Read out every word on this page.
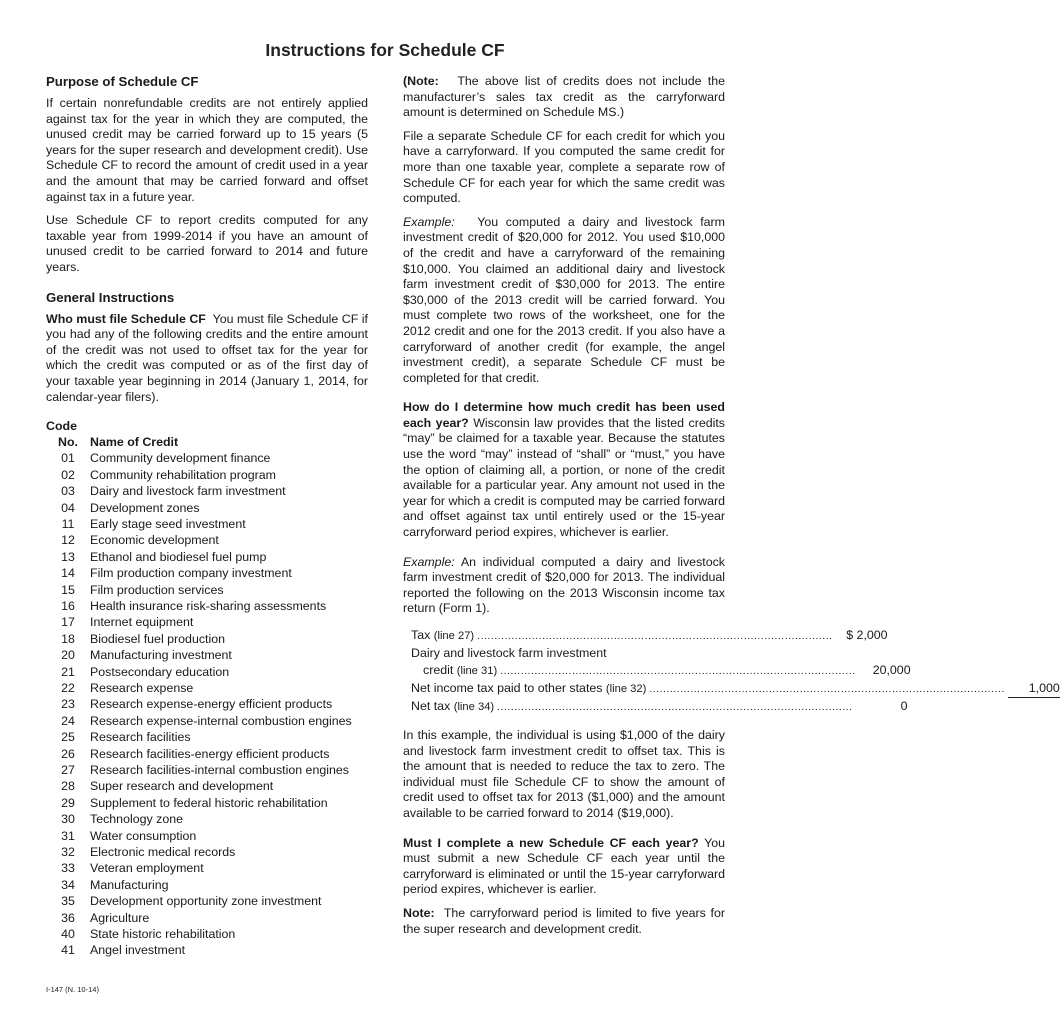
Instructions for Schedule CF
Purpose of Schedule CF

If certain nonrefundable credits are not entirely applied against tax for the year in which they are computed, the unused credit may be carried forward up to 15 years (5 years for the super research and development credit). Use Schedule CF to record the amount of credit used in a year and the amount that may be carried forward and offset against tax in a future year.

Use Schedule CF to report credits computed for any taxable year from 1999-2014 if you have an amount of unused credit to be carried forward to 2014 and future years.

General Instructions

Who must file Schedule CF You must file Schedule CF if you had any of the following credits and the entire amount of the credit was not used to offset tax for the year for which the credit was computed or as of the first day of your taxable year beginning in 2014 (January 1, 2014, for calendar-year filers).

Code
No. Name of Credit
01	Community development finance
02	Community rehabilitation program
03	Dairy and livestock farm investment
04	Development zones
11	Early stage seed investment
12	Economic development
13	Ethanol and biodiesel fuel pump
14	Film production company investment
15	Film production services
16	Health insurance risk-sharing assessments
17	Internet equipment
18	Biodiesel fuel production
20	Manufacturing investment
21	Postsecondary education
22	Research expense
23	Research expense-energy efficient products
24	Research expense-internal combustion engines
25	Research facilities
26	Research facilities-energy efficient products
27	Research facilities-internal combustion engines
28	Super research and development
29	Supplement to federal historic rehabilitation
30	Technology zone
31	Water consumption
32	Electronic medical records
33	Veteran employment
34	Manufacturing
35	Development opportunity zone investment
36	Agriculture
40	State historic rehabilitation
41	Angel investment

(Note: The above list of credits does not include the manufacturer’s sales tax credit as the carryforward amount is determined on Schedule MS.)

File a separate Schedule CF for each credit for which you have a carryforward. If you computed the same credit for more than one taxable year, complete a separate row of Schedule CF for each year for which the same credit was computed.

Example: You computed a dairy and livestock farm investment credit of $20,000 for 2012. You used $10,000 of the credit and have a carryforward of the remaining $10,000. You claimed an additional dairy and livestock farm investment credit of $30,000 for 2013. The entire $30,000 of the 2013 credit will be carried forward. You must complete two rows of the worksheet, one for the 2012 credit and one for the 2013 credit. If you also have a carryforward of another credit (for example, the angel investment credit), a separate Schedule CF must be completed for that credit.

How do I determine how much credit has been used each year? Wisconsin law provides that the listed credits “may” be claimed for a taxable year. Because the statutes use the word “may” instead of “shall” or “must,” you have the option of claiming all, a portion, or none of the credit available for a particular year. Any amount not used in the year for which a credit is computed may be carried forward and offset against tax until entirely used or the 15-year carryforward period expires, whichever is earlier.

Example: An individual computed a dairy and livestock farm investment credit of $20,000 for 2013. The individual reported the following on the 2013 Wisconsin income tax return (Form 1).

Tax (line 27) ........................................................................................................	$ 2,000
Dairy and livestock farm investment
credit (line 31) ........................................................................................................	20,000
Net income tax paid to other states (line 32) ........................................................................................................	1,000
Net tax (line 34) ........................................................................................................	0

In this example, the individual is using $1,000 of the dairy and livestock farm investment credit to offset tax. This is the amount that is needed to reduce the tax to zero. The individual must file Schedule CF to show the amount of credit used to offset tax for 2013 ($1,000) and the amount available to be carried forward to 2014 ($19,000).

Must I complete a new Schedule CF each year? You must submit a new Schedule CF each year until the carryforward is eliminated or until the 15-year carryforward period expires, whichever is earlier.

Note: The carryforward period is limited to five years for the super research and development credit.

I-147 (N. 10-14)
